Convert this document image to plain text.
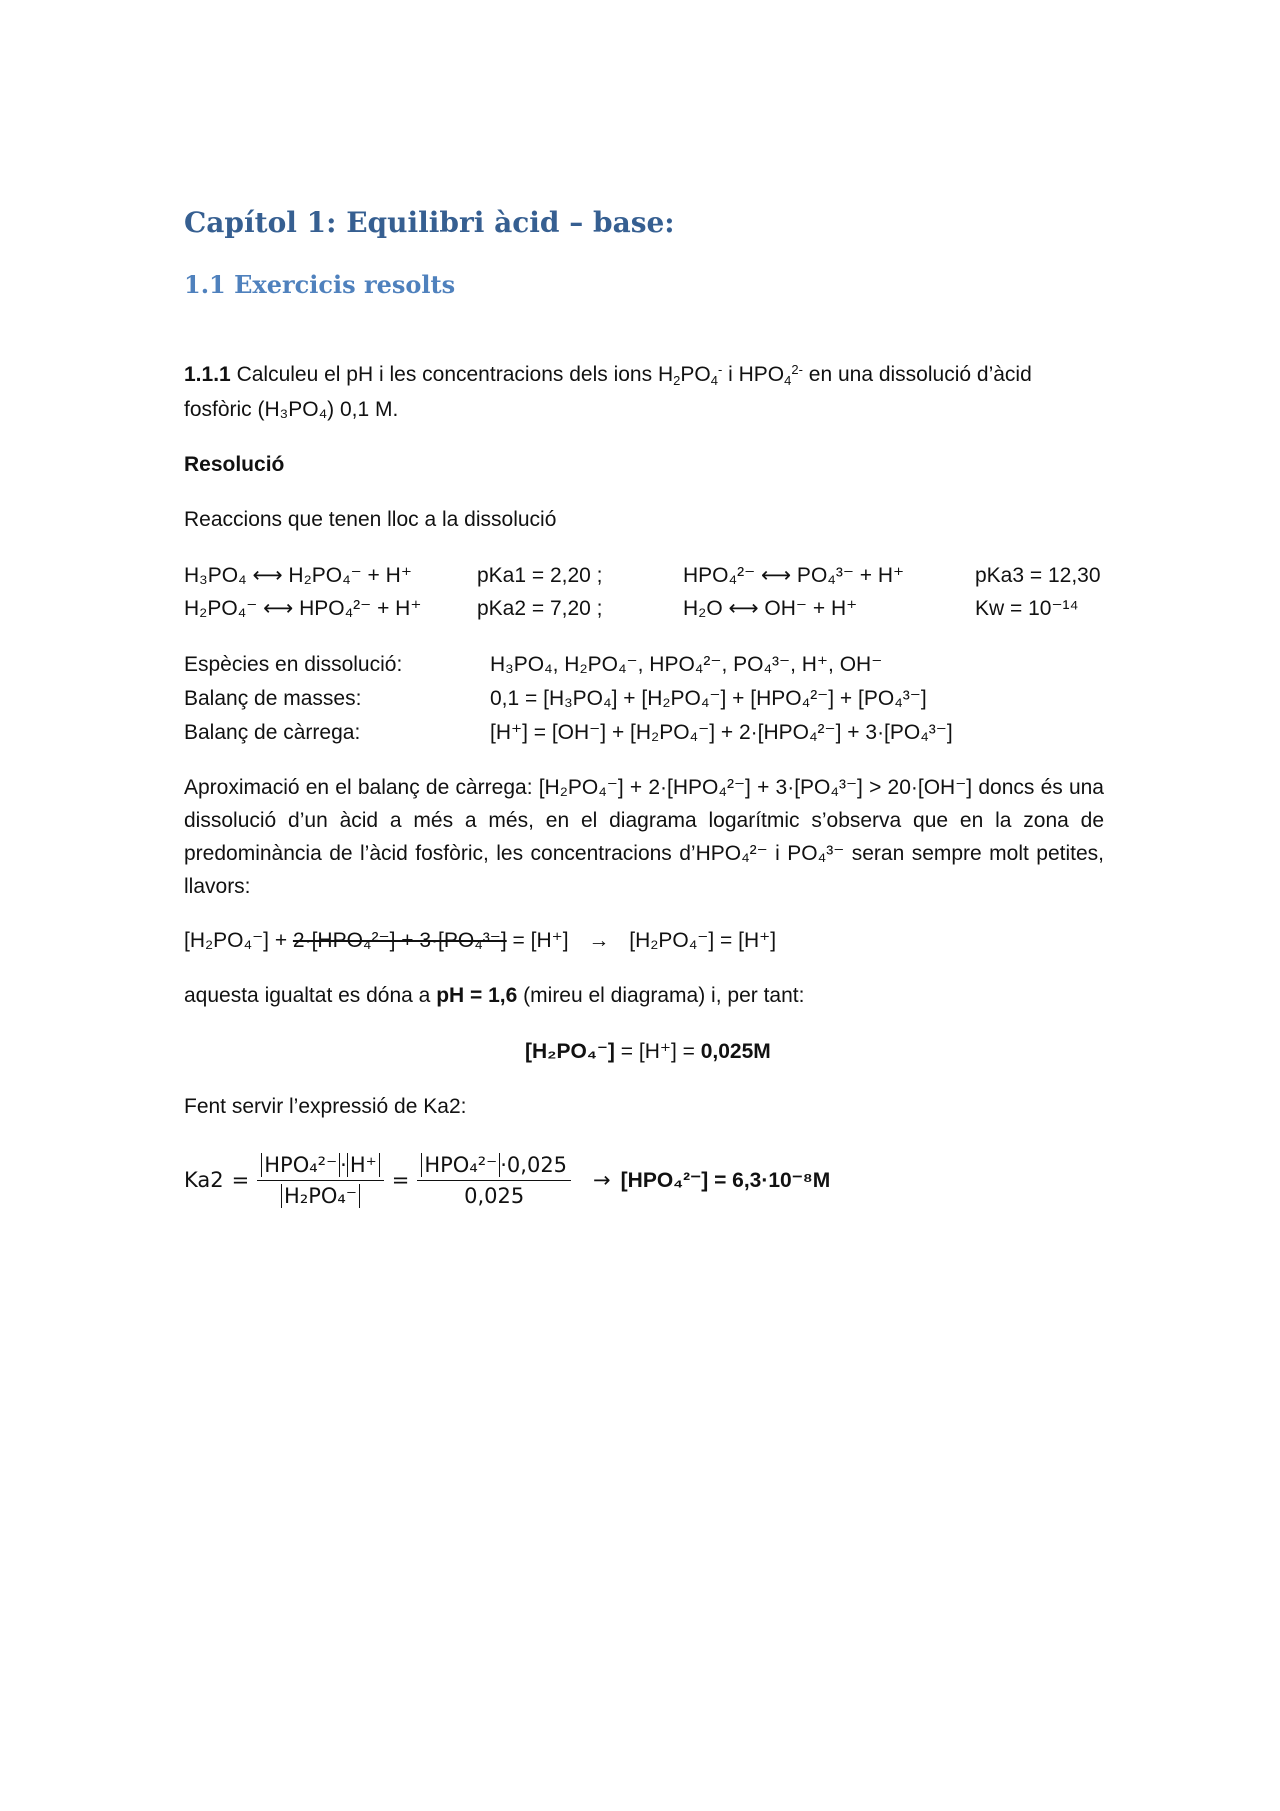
Capítol 1: Equilibri àcid – base:
1.1 Exercicis resolts
1.1.1 Calculeu el pH i les concentracions dels ions $H_2PO_4^-$ i $HPO_4^{2-}$ en una dissolució d’àcid
fosfòric (H₃PO₄) 0,1 M.
Resolució
Reaccions que tenen lloc a la dissolució
H₃PO₄ ⟷ H₂PO₄⁻ + H⁺	pKa1 = 2,20 ;	HPO₄²⁻ ⟷ PO₄³⁻ + H⁺	pKa3 = 12,30
H₂PO₄⁻ ⟷ HPO₄²⁻ + H⁺	pKa2 = 7,20 ;	H₂O ⟷ OH⁻ + H⁺	Kw = 10⁻¹⁴
Espècies en dissolució:	H₃PO₄, H₂PO₄⁻, HPO₄²⁻, PO₄³⁻, H⁺, OH⁻
Balanç de masses:	0,1 = [H₃PO₄] + [H₂PO₄⁻] + [HPO₄²⁻] + [PO₄³⁻]
Balanç de càrrega:	[H⁺] = [OH⁻] + [H₂PO₄⁻] + 2·[HPO₄²⁻] + 3·[PO₄³⁻]
Aproximació en el balanç de càrrega: [H₂PO₄⁻] + 2·[HPO₄²⁻] + 3·[PO₄³⁻] > 20·[OH⁻] doncs és una dissolució d’un àcid a més a més, en el diagrama logarítmic s’observa que en la zona de predominància de l’àcid fosfòric, les concentracions d’HPO₄²⁻ i PO₄³⁻ seran sempre molt petites, llavors:
[H₂PO₄⁻] + 2·[HPO₄²⁻] + 3·[PO₄³⁻] = [H⁺] → [H₂PO₄⁻] = [H⁺]
aquesta igualtat es dóna a pH = 1,6 (mireu el diagrama) i, per tant:
[H₂PO₄⁻] = [H⁺] = 0,025M
Fent servir l’expressió de Ka2:
$Ka2 = \frac{\text{HPO₄²⁻ · H⁺}}{\text{H₂PO₄⁻}} = \frac{\text{HPO₄²⁻ ·0,025}}{0,025} \to [HPO_4^{2-}] = 6,3\cdot 10^{-8}M$
